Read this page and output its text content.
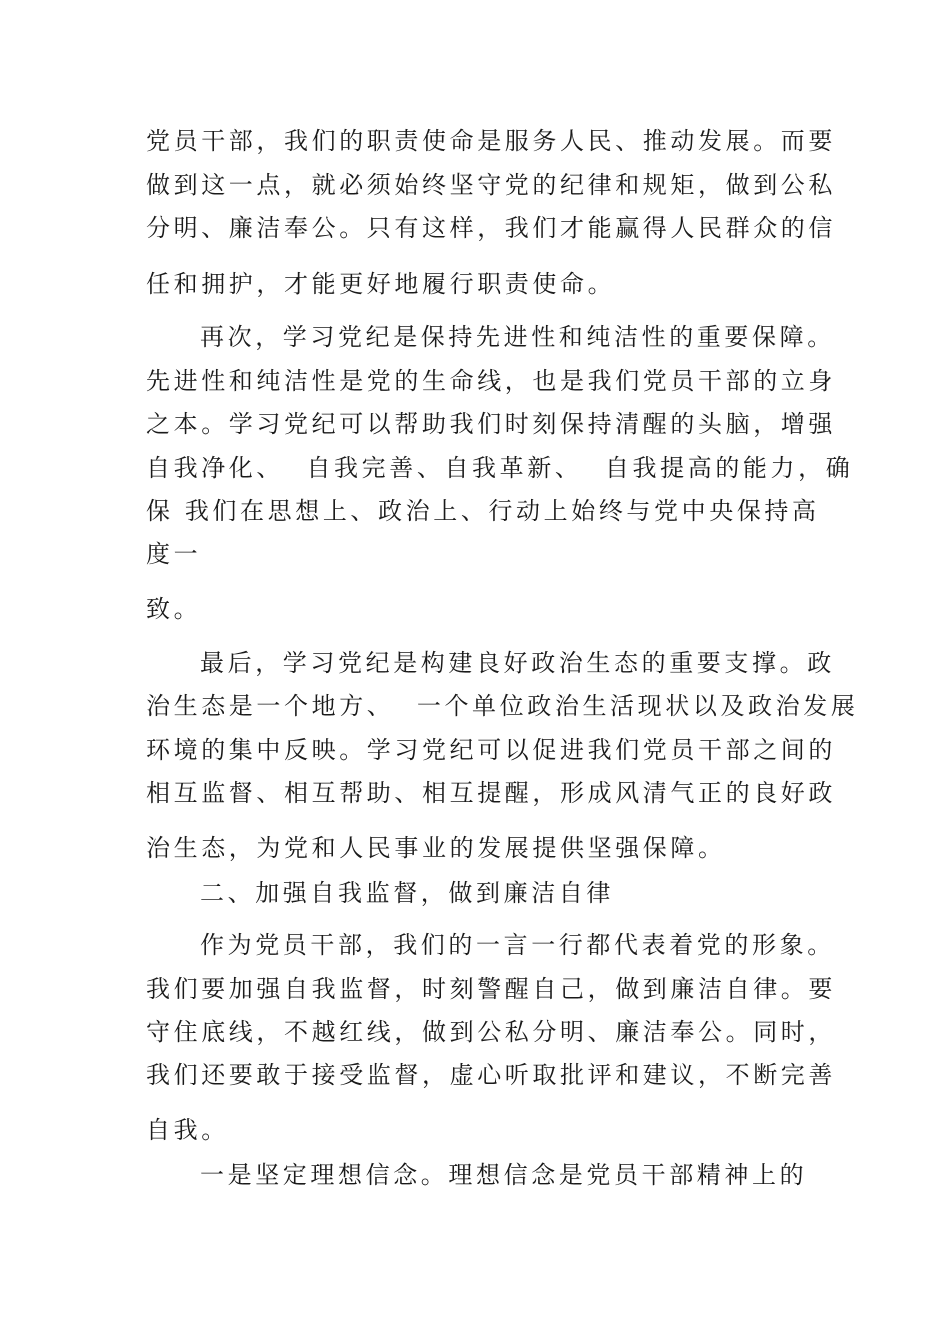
党员干部，我们的职责使命是服务人民、推动发展。而要

做到这一点，就必须始终坚守党的纪律和规矩，做到公私

分明、廉洁奉公。只有这样，我们才能赢得人民群众的信

任和拥护，才能更好地履行职责使命。

再次，学习党纪是保持先进性和纯洁性的重要保障。

先进性和纯洁性是党的生命线，也是我们党员干部的立身

之本。学习党纪可以帮助我们时刻保持清醒的头脑，增强

自我净化、  自我完善、自我革新、  自我提高的能力，确

保 我们在思想上、政治上、行动上始终与党中央保持高

度一

致。

最后，学习党纪是构建良好政治生态的重要支撑。政

治生态是一个地方、  一个单位政治生活现状以及政治发展

环境的集中反映。学习党纪可以促进我们党员干部之间的

相互监督、相互帮助、相互提醒，形成风清气正的良好政

治生态，为党和人民事业的发展提供坚强保障。

二、加强自我监督，做到廉洁自律

作为党员干部，我们的一言一行都代表着党的形象。

我们要加强自我监督，时刻警醒自己，做到廉洁自律。要

守住底线，不越红线，做到公私分明、廉洁奉公。同时，

我们还要敢于接受监督，虚心听取批评和建议，不断完善

自我。

一是坚定理想信念。理想信念是党员干部精神上的
